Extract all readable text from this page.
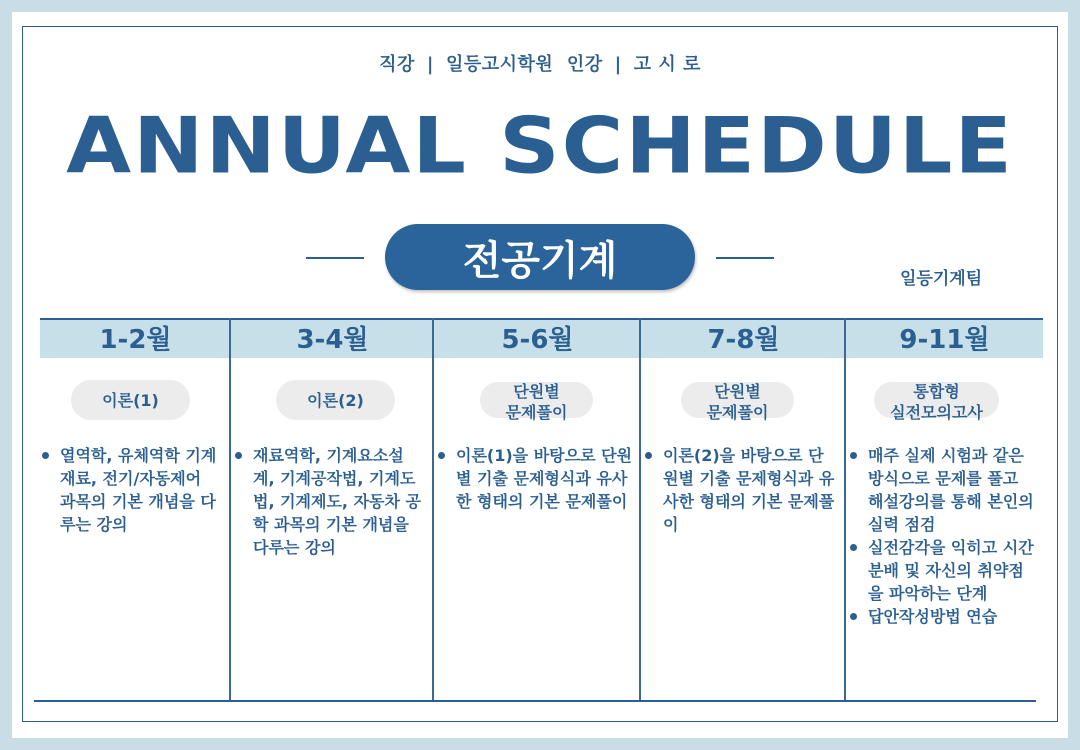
직강 | 일등고시학원  인강 | 고 시 로
ANNUAL SCHEDULE
전공기계	일등기계팀
1-2월
이론(1)
열역학, 유체역학 기계재료, 전기/자동제어 과목의 기본 개념을 다루는 강의
3-4월
이론(2)
재료역학, 기계요소설계, 기계공작법, 기계도법, 기계제도, 자동차 공학 과목의 기본 개념을 다루는 강의
5-6월
단원별
문제풀이
이론(1)을 바탕으로 단원별 기출 문제형식과 유사한 형태의 기본 문제풀이
7-8월
단원별
문제풀이
이론(2)을 바탕으로 단원별 기출 문제형식과 유사한 형태의 기본 문제풀이
9-11월
통합형
실전모의고사
매주 실제 시험과 같은 방식으로 문제를 풀고 해설강의를 통해 본인의 실력 점검
실전감각을 익히고 시간 분배 및 자신의 취약점을 파악하는 단계
답안작성방법 연습
